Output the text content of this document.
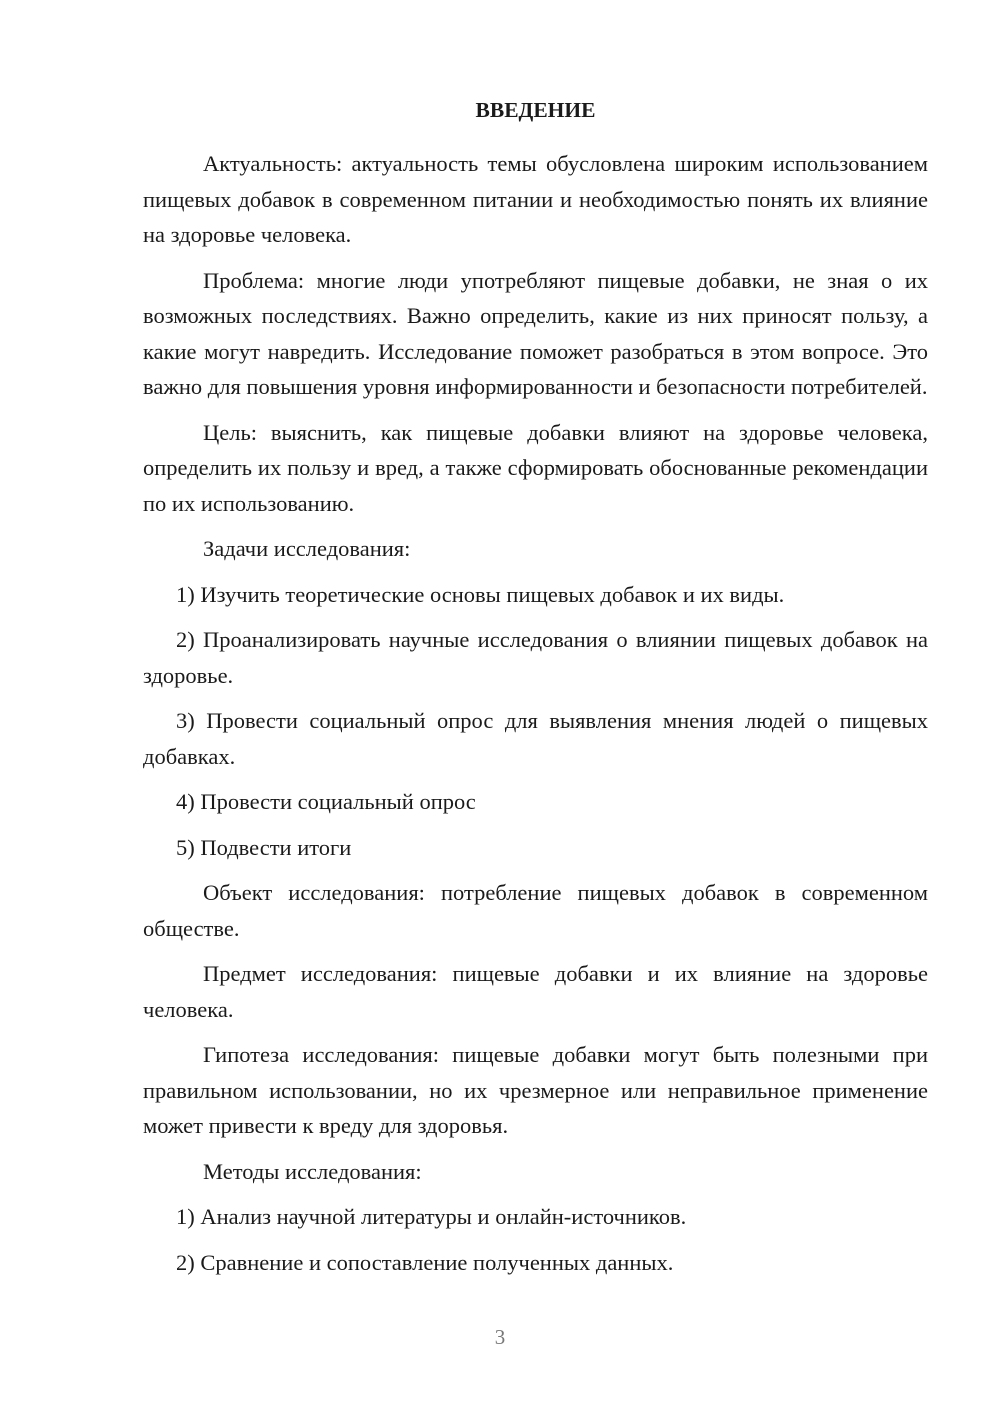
ВВЕДЕНИЕ

Актуальность: актуальность темы обусловлена широким использованием пищевых добавок в современном питании и необходимостью понять их влияние на здоровье человека.

Проблема: многие люди употребляют пищевые добавки, не зная о их возможных последствиях. Важно определить, какие из них приносят пользу, а какие могут навредить. Исследование поможет разобраться в этом вопросе. Это важно для повышения уровня информированности и безопасности потребителей.

Цель: выяснить, как пищевые добавки влияют на здоровье человека, определить их пользу и вред, а также сформировать обоснованные рекомендации по их использованию.

Задачи исследования:

1) Изучить теоретические основы пищевых добавок и их виды.

2) Проанализировать научные исследования о влиянии пищевых добавок на здоровье.

3) Провести социальный опрос для выявления мнения людей о пищевых добавках.

4) Провести социальный опрос

5) Подвести итоги

Объект исследования: потребление пищевых добавок в современном обществе.

Предмет исследования: пищевые добавки и их влияние на здоровье человека.

Гипотеза исследования: пищевые добавки могут быть полезными при правильном использовании, но их чрезмерное или неправильное применение может привести к вреду для здоровья.

Методы исследования:

1) Анализ научной литературы и онлайн-источников.

2) Сравнение и сопоставление полученных данных.

3
